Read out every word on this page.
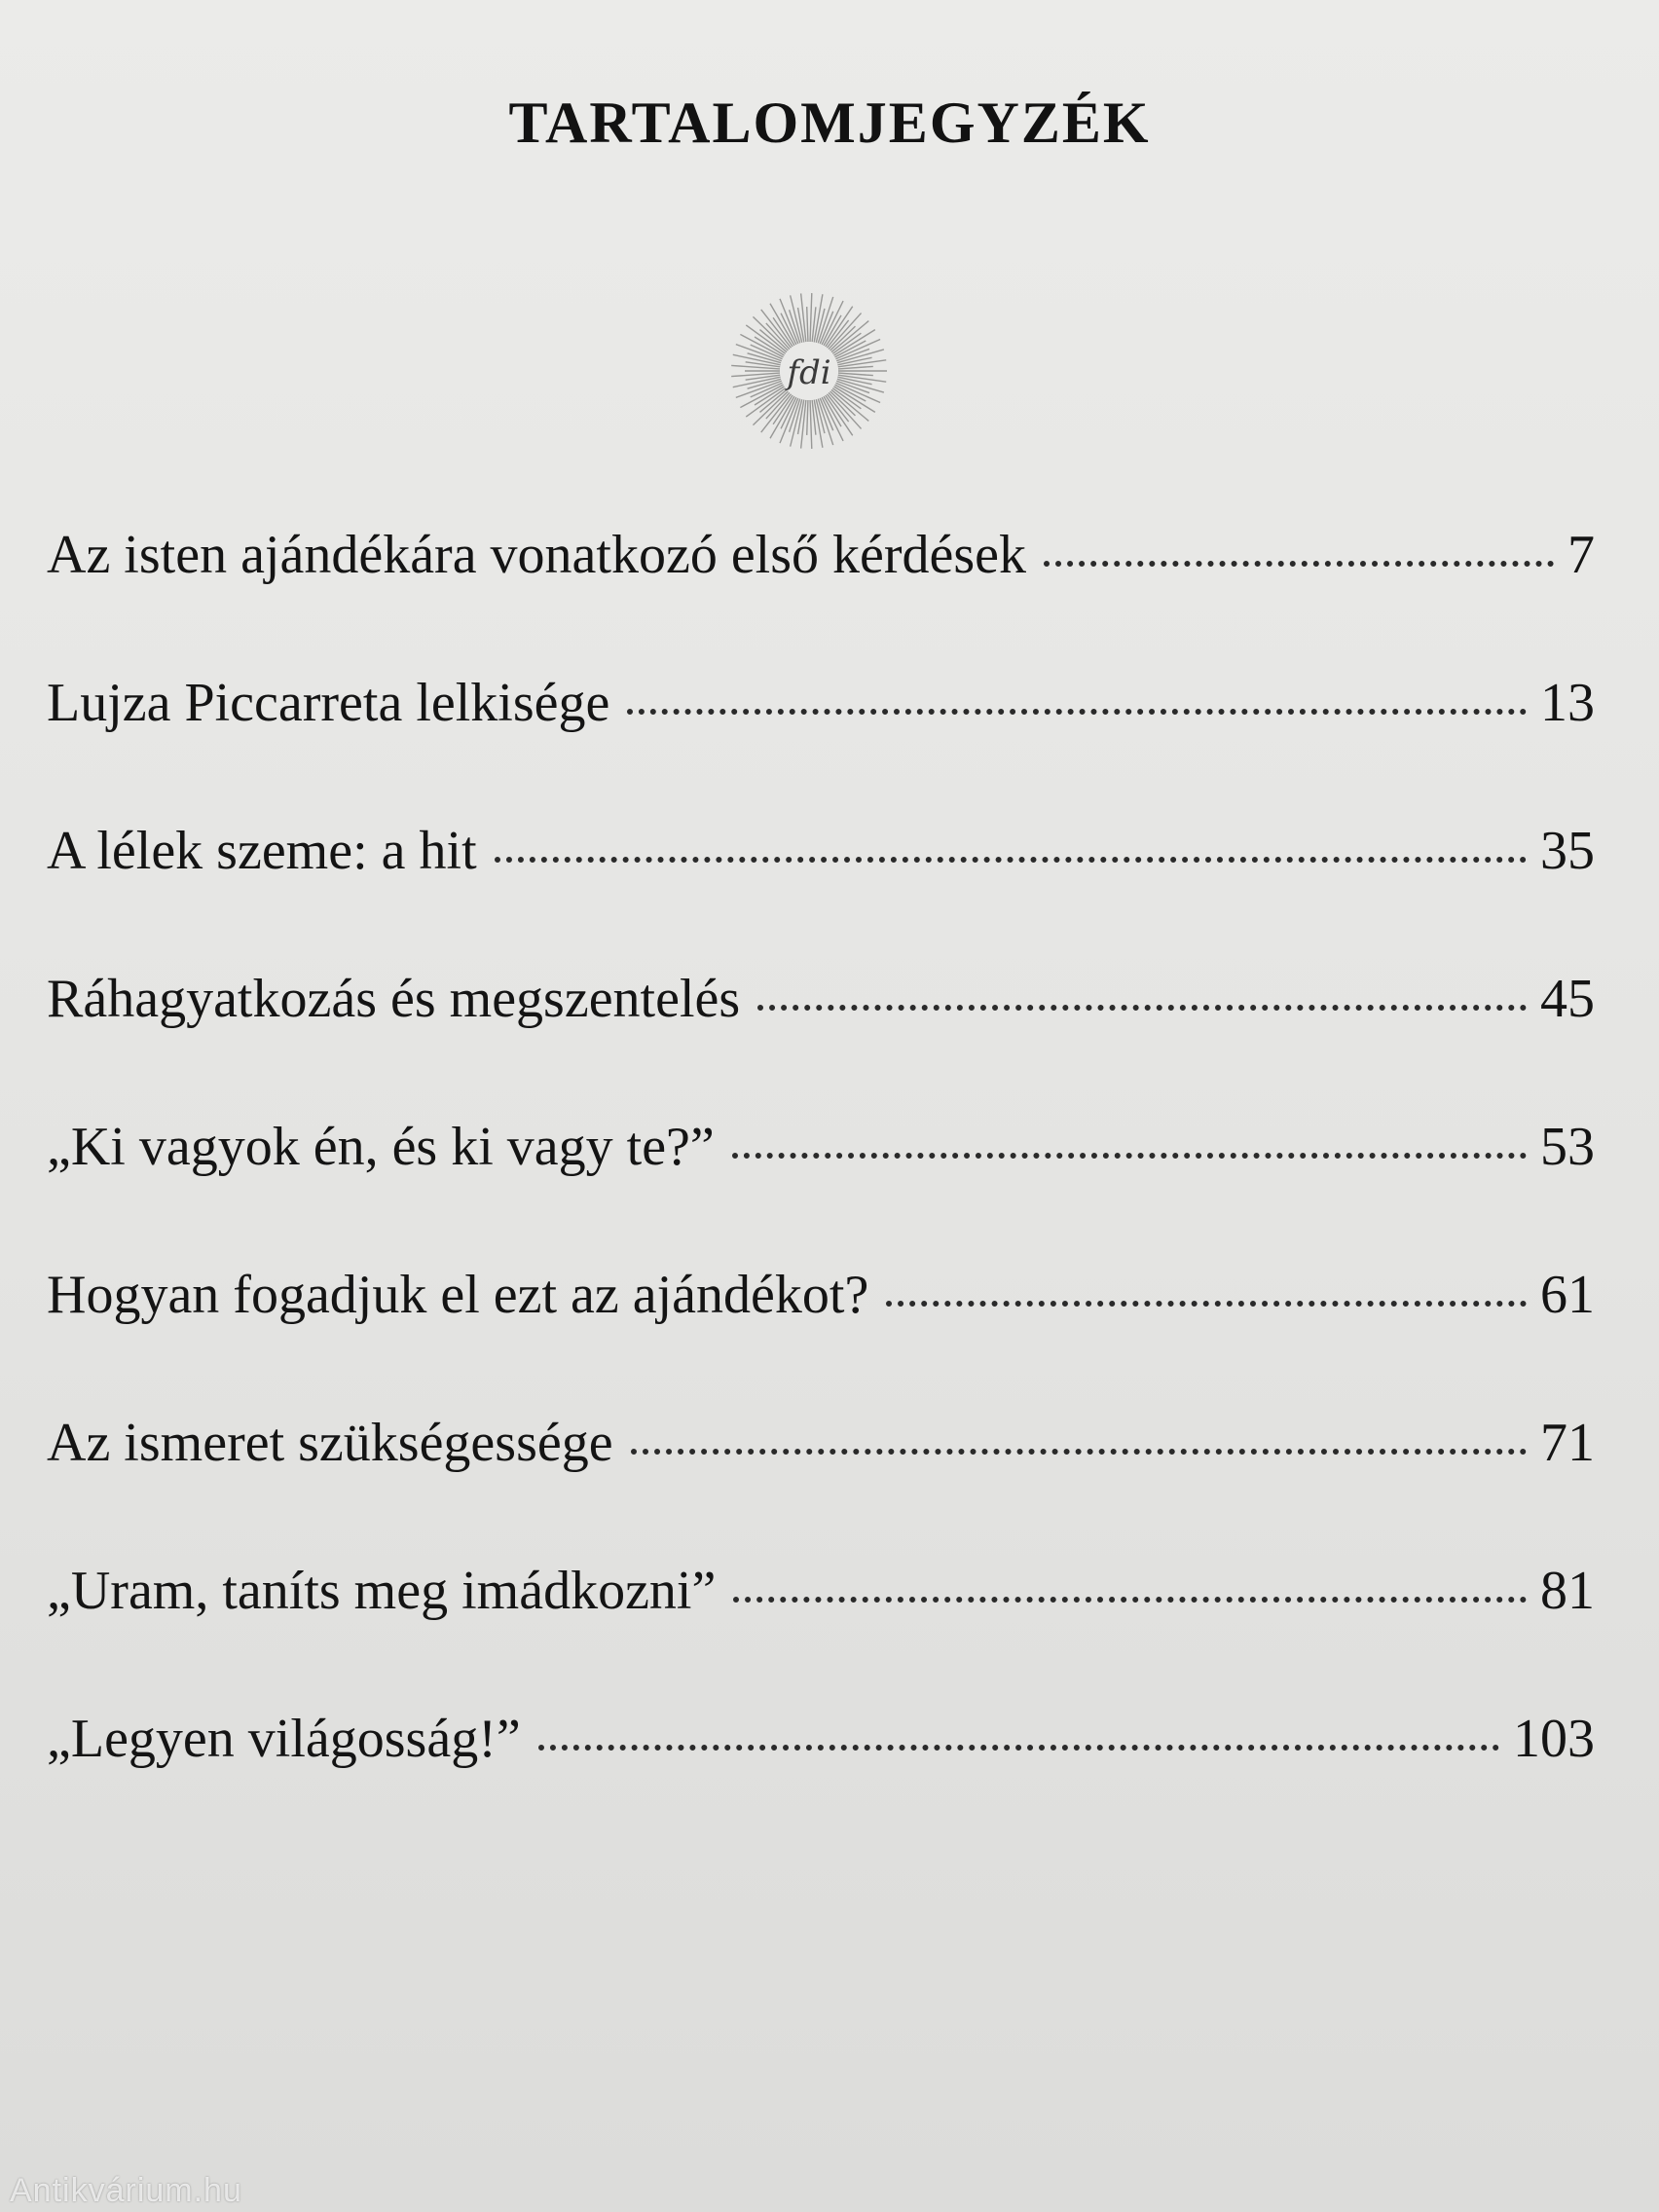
TARTALOMJEGYZÉK
fdi
Az isten ajándékára vonatkozó első kérdések	7
Lujza Piccarreta lelkisége	13
A lélek szeme: a hit	35
Ráhagyatkozás és megszentelés	45
„Ki vagyok én, és ki vagy te?”	53
Hogyan fogadjuk el ezt az ajándékot?	61
Az ismeret szükségessége	71
„Uram, taníts meg imádkozni”	81
„Legyen világosság!”	103
Antikvárium.hu
